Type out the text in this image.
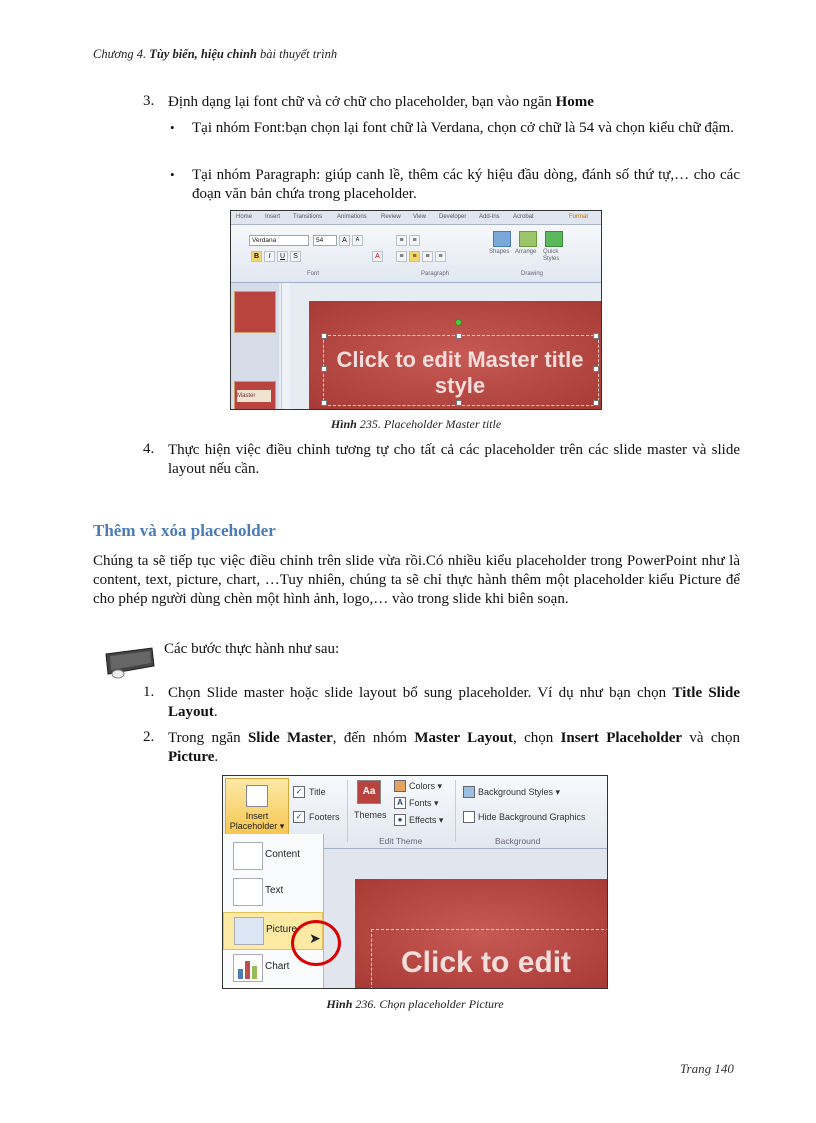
Chương 4. Tùy biến, hiệu chỉnh bài thuyết trình
3. Định dạng lại font chữ và cở chữ cho placeholder, bạn vào ngăn Home
• Tại nhóm Font:bạn chọn lại font chữ là Verdana, chọn cở chữ là 54 và chọn kiểu chữ đậm.
• Tại nhóm Paragraph: giúp canh lề, thêm các ký hiệu đầu dòng, đánh số thứ tự,… cho các đoạn văn bản chứa trong placeholder.
Home Insert Transitions Animations Review View Developer Add-Ins Acrobat	Format
Verdana	54
B	I	U	S
A	A
A
≡	≡
≡	≡	≡	≡
Shapes Arrange Quick Styles
Font	Paragraph	Drawing
Master
Click to edit Master title style
Hình 235. Placeholder Master title
4. Thực hiện việc điều chỉnh tương tự cho tất cả các placeholder trên các slide master và slide layout nếu cần.
Thêm và xóa placeholder
Chúng ta sẽ tiếp tục việc điều chỉnh trên slide vừa rồi.Có nhiều kiểu placeholder trong PowerPoint như là content, text, picture, chart, …Tuy nhiên, chúng ta sẽ chỉ thực hành thêm một placeholder kiểu Picture để cho phép người dùng chèn một hình ảnh, logo,… vào trong slide khi biên soạn.
Các bước thực hành như sau:
1. Chọn Slide master hoặc slide layout bổ sung placeholder. Ví dụ như bạn chọn Title Slide Layout.
2. Trong ngăn Slide Master, đến nhóm Master Layout, chọn Insert Placeholder và chọn Picture.
Insert
Placeholder ▾
✓ Title
✓ Footers
Aa
Themes
Colors ▾
A Fonts ▾
● Effects ▾
Edit Theme
Background Styles ▾
Hide Background Graphics
Background
Click to edit
Content
Text
Picture
Chart
➤
Hình 236. Chọn placeholder Picture
Trang 140
